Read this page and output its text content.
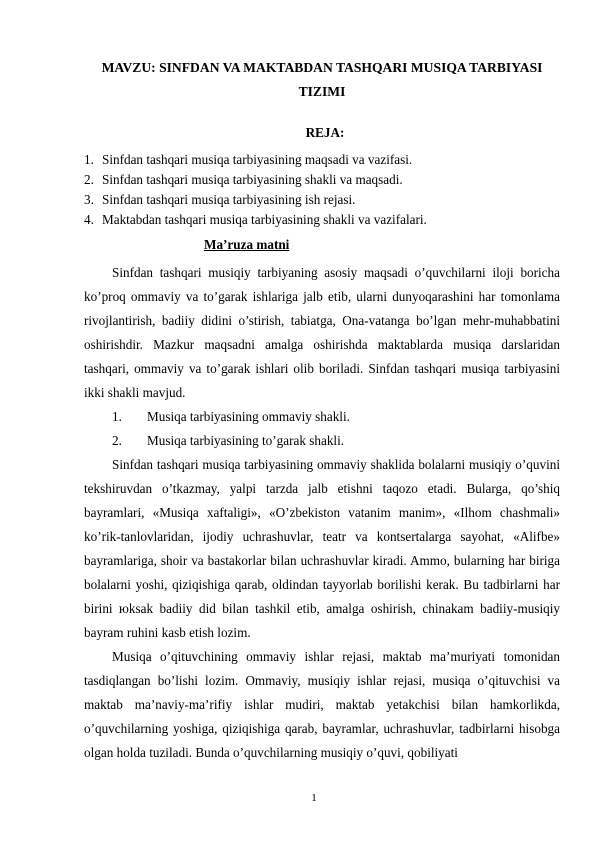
MAVZU: SINFDAN VA MAKTABDAN TASHQARI MUSIQA TARBIYASI TIZIMI
REJA:
1. Sinfdan tashqari musiqa tarbiyasining maqsadi va vazifasi.
2. Sinfdan tashqari musiqa tarbiyasining shakli va maqsadi.
3. Sinfdan tashqari musiqa tarbiyasining ish rejasi.
4. Maktabdan tashqari musiqa tarbiyasining shakli va vazifalari.
Ma’ruza matni

Sinfdan tashqari musiqiy tarbiyaning asosiy maqsadi o’quvchilarni iloji boricha ko’proq ommaviy va to’garak ishlariga jalb etib, ularni dunyoqarashini har tomonlama rivojlantirish, badiiy didini o’stirish, tabiatga, Ona-vatanga bo’lgan mehr-muhabbatini oshirishdir. Mazkur maqsadni amalga oshirishda maktablarda musiqa darslaridan tashqari, ommaviy va to’garak ishlari olib boriladi. Sinfdan tashqari musiqa tarbiyasini ikki shakli mavjud.

1. Musiqa tarbiyasining ommaviy shakli.

2. Musiqa tarbiyasining to’garak shakli.

Sinfdan tashqari musiqa tarbiyasining ommaviy shaklida bolalarni musiqiy o’quvini tekshiruvdan o’tkazmay, yalpi tarzda jalb etishni taqozo etadi. Bularga, qo’shiq bayramlari, «Musiqa xaftaligi», «O’zbekiston vatanim manim», «Ilhom chashmali» ko’rik-tanlovlaridan, ijodiy uchrashuvlar, teatr va kontsertalarga sayohat, «Alifbe» bayramlariga, shoir va bastakorlar bilan uchrashuvlar kiradi. Ammo, bularning har biriga bolalarni yoshi, qiziqishiga qarab, oldindan tayyorlab borilishi kerak. Bu tadbirlarni har birini юksak badiiy did bilan tashkil etib, amalga oshirish, chinakam badiiy-musiqiy bayram ruhini kasb etish lozim.

Musiqa o’qituvchining ommaviy ishlar rejasi, maktab ma’muriyati tomonidan tasdiqlangan bo’lishi lozim. Ommaviy, musiqiy ishlar rejasi, musiqa o’qituvchisi va maktab ma’naviy-ma’rifiy ishlar mudiri, maktab yetakchisi bilan hamkorlikda, o’quvchilarning yoshiga, qiziqishiga qarab, bayramlar, uchrashuvlar, tadbirlarni hisobga olgan holda tuziladi. Bunda o’quvchilarning musiqiy o’quvi, qobiliyati

1
